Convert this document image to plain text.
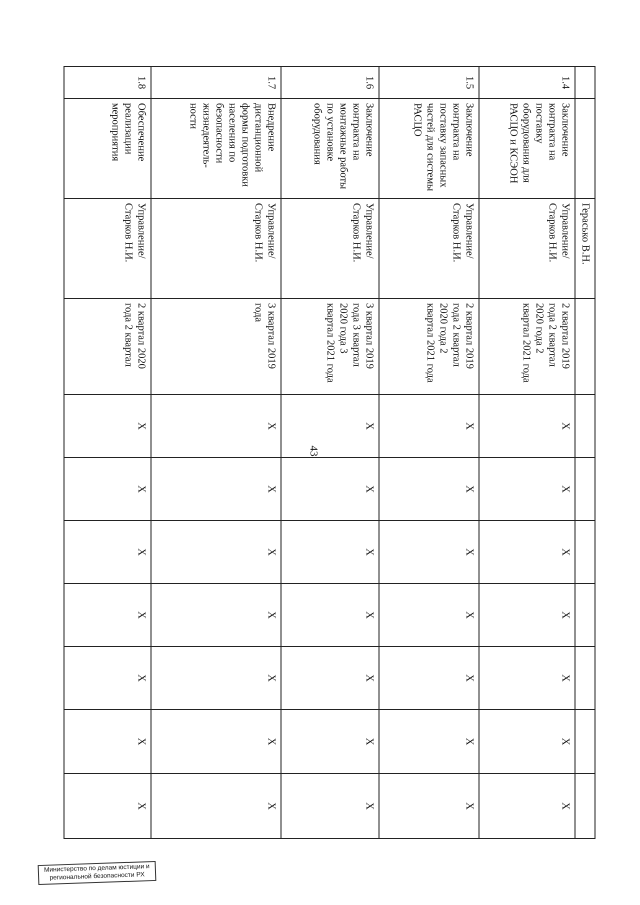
43
		Герасько В.Н.								
1.4	Заключение контракта на поставку оборудования для РАСЦО и КСЭОН	Управление/ Старков Н.И.	2 квартал 2019 года 2 квартал 2020 года 2 квартал 2021 года	Х	Х	Х	Х	Х	Х	Х
1.5	Заключение контракта на поставку запасных частей для системы РАСЦО	Управление/ Старков Н.И.	2 квартал 2019 года 2 квартал 2020 года 2 квартал 2021 года	Х	Х	Х	Х	Х	Х	Х
1.6	Заключение контракта на монтажные работы по установке оборудования	Управление/ Старков Н.И.	3 квартал 2019 года 3 квартал 2020 года 3 квартал 2021 года	Х	Х	Х	Х	Х	Х	Х
1.7	Внедрение дистанционной формы подготовки населения по безопасности жизнедеятель- ности	Управление/ Старков Н.И.	3 квартал 2019 года	Х	Х	Х	Х	Х	Х	Х
1.8	Обеспечение реализации мероприятия	Управление/ Старков Н.И.	2 квартал 2020 года 2 квартал	Х	Х	Х	Х	Х	Х	Х
Министерство по делам юстиции и региональной безопасности РХ
